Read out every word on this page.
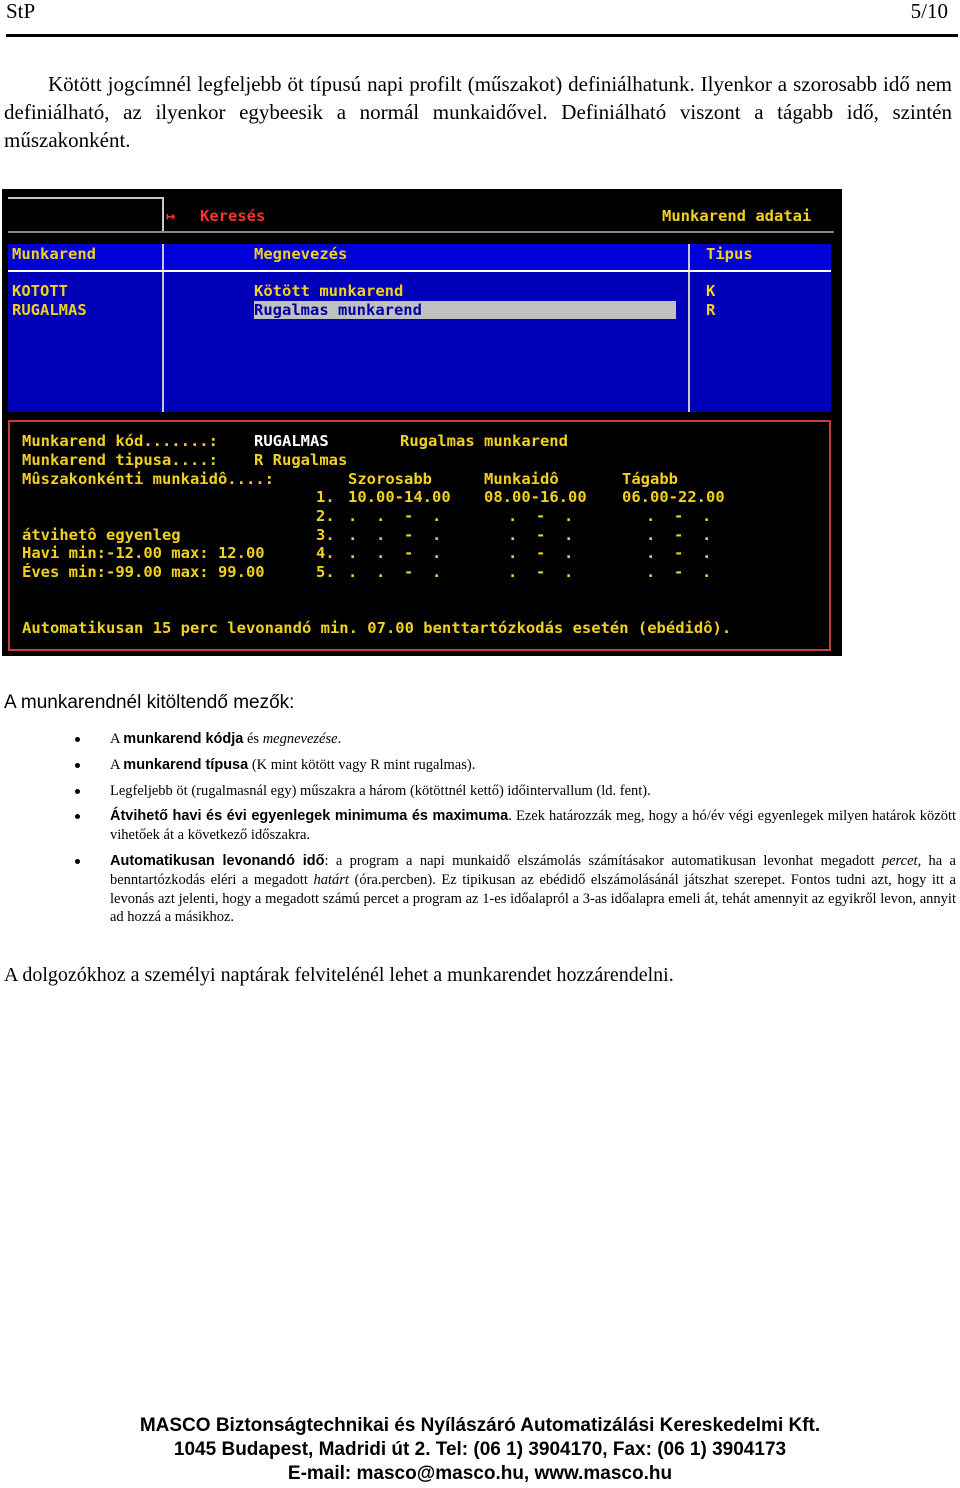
StP	5/10
Kötött jogcímnél legfeljebb öt típusú napi profilt (műszakot) definiálhatunk. Ilyenkor a szorosabb idő nem definiálható, az ilyenkor egybeesik a normál munkaidővel. Definiálható viszont a tágabb idő, szintén műszakonként.
↦ Keresés	Munkarend adatai
Munkarend	Megnevezés	Tipus
KOTOTT	Kötött munkarend	K
RUGALMAS	Rugalmas munkarend	R
Munkarend kód.......: RUGALMAS	Rugalmas munkarend
Munkarend tipusa....: R Rugalmas
Mûszakonkénti munkaidô....:	Szorosabb	Munkaidô	Tágabb
1. 10.00-14.00 08.00-16.00 06.00-22.00
2. .  .  -  .	.  -  .	.  -  .
átvihetô egyenleg	3. .  .  -  .	.  -  .	.  -  .
Havi min:-12.00 max: 12.00	4. .  .  -  .	.  -  .	.  -  .
Éves min:-99.00 max: 99.00	5. .  .  -  .	.  -  .	.  -  .
Automatikusan 15 perc levonandó min. 07.00 benttartózkodás esetén (ebédidô).
A munkarendnél kitöltendő mezők:
A munkarend kódja és megnevezése.
A munkarend típusa (K mint kötött vagy R mint rugalmas).
Legfeljebb öt (rugalmasnál egy) műszakra a három (kötöttnél kettő) időintervallum (ld. fent).
Átvihető havi és évi egyenlegek minimuma és maximuma. Ezek határozzák meg, hogy a hó/év végi egyenlegek milyen határok között vihetőek át a következő időszakra.
Automatikusan levonandó idő: a program a napi munkaidő elszámolás számításakor automatikusan levonhat megadott percet, ha a benntartózkodás eléri a megadott határt (óra.percben). Ez tipikusan az ebédidő elszámolásánál játszhat szerepet. Fontos tudni azt, hogy itt a levonás azt jelenti, hogy a megadott számú percet a program az 1-es időalapról a 3-as időalapra emeli át, tehát amennyit az egyikről levon, annyit ad hozzá a másikhoz.
A dolgozókhoz a személyi naptárak felvitelénél lehet a munkarendet hozzárendelni.
MASCO Biztonságtechnikai és Nyílászáró Automatizálási Kereskedelmi Kft.
1045 Budapest, Madridi út 2. Tel: (06 1) 3904170, Fax: (06 1) 3904173
E-mail: masco@masco.hu, www.masco.hu
